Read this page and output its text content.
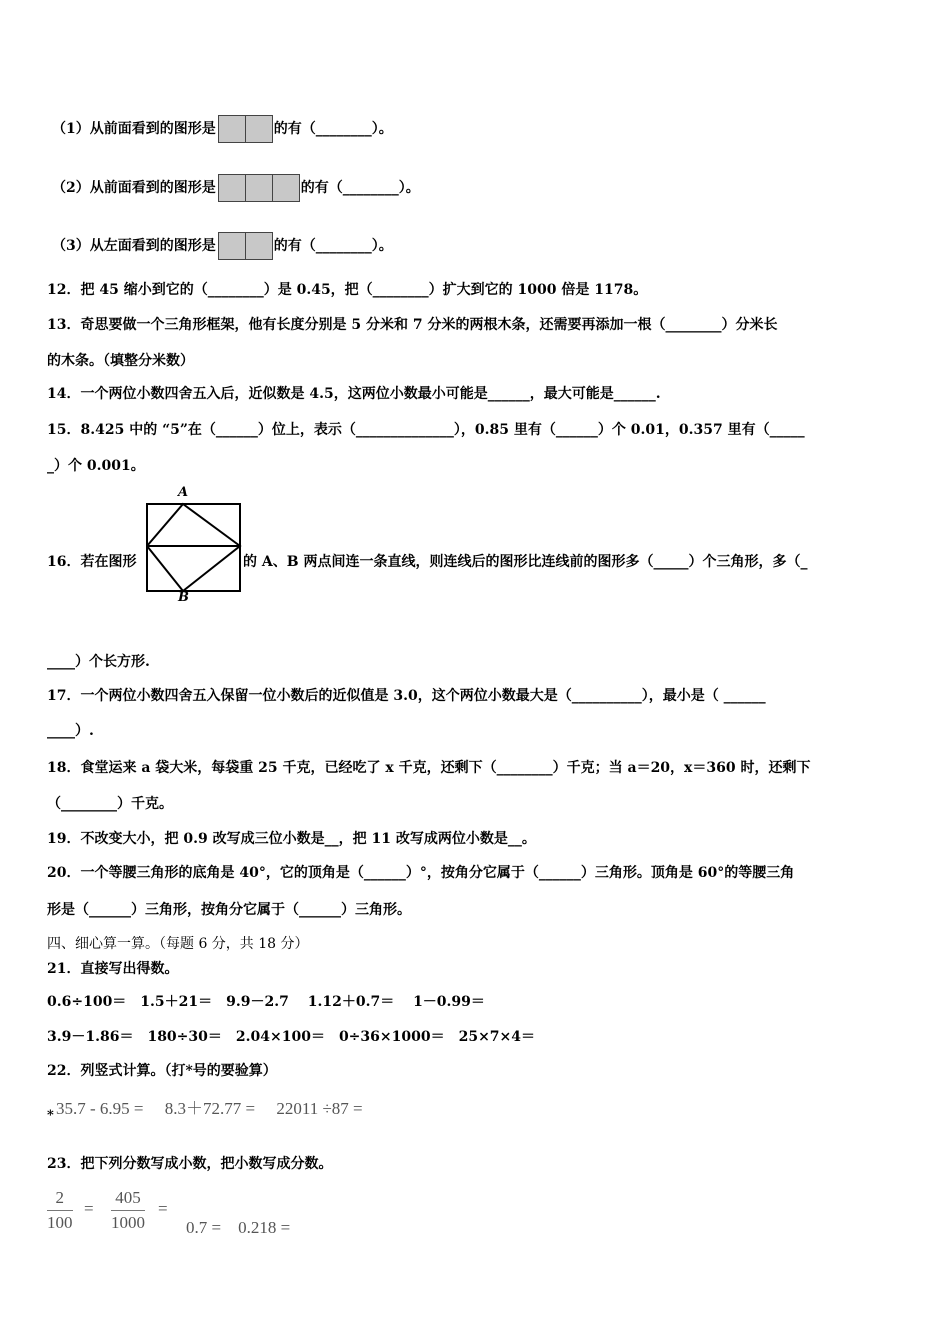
（1）从前面看到的图形是	的有（________）。
（2）从前面看到的图形是	的有（________）。
（3）从左面看到的图形是	的有（________）。
12．把 45 缩小到它的（________）是 0.45，把（________）扩大到它的 1000 倍是 1178。
13．奇思要做一个三角形框架，他有长度分别是 5 分米和 7 分米的两根木条，还需要再添加一根（________）分米长
的木条。（填整分米数）
14．一个两位小数四舍五入后，近似数是 4.5，这两位小数最小可能是______，最大可能是______.
15．8.425 中的 “5”在（______）位上，表示（______________），0.85 里有（______）个 0.01，0.357 里有（_____
_）个 0.001。
16．若在图形
A
B
的 A、B 两点间连一条直线，则连线后的图形比连线前的图形多（_____）个三角形，多（_
____）个长方形.
17．一个两位小数四舍五入保留一位小数后的近似值是 3.0，这个两位小数最大是（__________），最小是（ ______
____）.
18．食堂运来 a 袋大米，每袋重 25 千克，已经吃了 x 千克，还剩下（________）千克；当 a＝20，x＝360 时，还剩下
（________）千克。
19．不改变大小，把 0.9 改写成三位小数是__，把 11 改写成两位小数是__。
20．一个等腰三角形的底角是 40°，它的顶角是（______）°，按角分它属于（______）三角形。顶角是 60°的等腰三角
形是（______）三角形，按角分它属于（______）三角形。
四、细心算一算。（每题 6 分，共 18 分）
21．直接写出得数。
0.6÷100＝　1.5＋21＝　9.9－2.7　 1.12＋0.7＝　 1－0.99＝
3.9－1.86＝　180÷30＝　2.04×100＝　0÷36×1000＝　25×7×4＝
22．列竖式计算。（打*号的要验算）
* 35.7 - 6.95 =　 8.3＋72.77 =　 22011 ÷87 =
23．把下列分数写成小数，把小数写成分数。
2
100
=
405
1000
=
0.7 =　0.218 =
